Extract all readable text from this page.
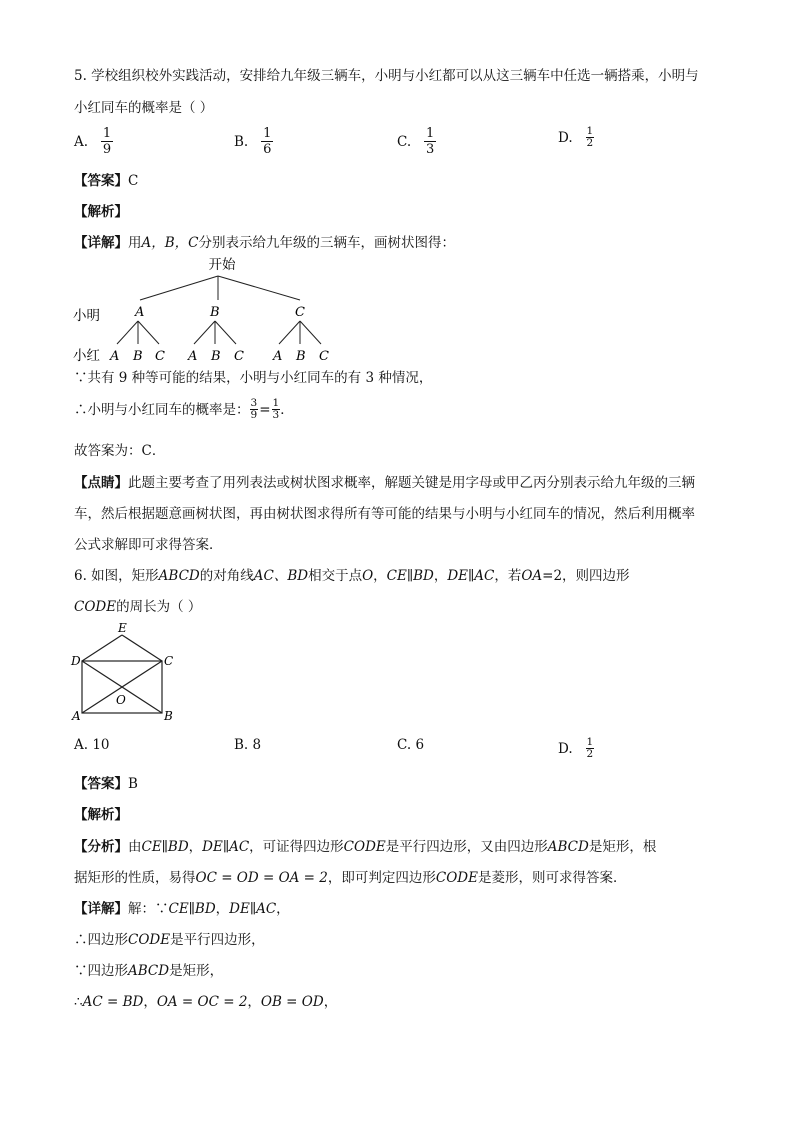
5. 学校组织校外实践活动，安排给九年级三辆车，小明与小红都可以从这三辆车中任选一辆搭乘，小明与
小红同车的概率是（ ）
A.
$\frac{1}{9}$	B.
$\frac{1}{6}$	C.
$\frac{1}{3}$	D.
$\frac{1}{2}$
【答案】C
【解析】
【详解】用A，B，C分别表示给九年级的三辆车，画树状图得：
开始
小明	A	B	C
小红 A B C A B C A B C
∵共有 9 种等可能的结果，小明与小红同车的有 3 种情况，
∴小明与小红同车的概率是： $\frac{3}{9} = \frac{1}{3}$ ．
故答案为：C．
【点睛】此题主要考查了用列表法或树状图求概率，解题关键是用字母或甲乙丙分别表示给九年级的三辆
车，然后根据题意画树状图，再由树状图求得所有等可能的结果与小明与小红同车的情况，然后利用概率
公式求解即可求得答案．
6. 如图，矩形ABCD的对角线AC、BD相交于点O，CE∥BD，DE∥AC，若OA=2，则四边形
CODE的周长为（ ）
E
D	C
O
A	B
A.
10	B.
8	C.
6	D.
$\frac{1}{2}$
【答案】B
【解析】
【分析】由CE∥BD，DE∥AC，可证得四边形CODE是平行四边形，又由四边形ABCD是矩形，根
据矩形的性质，易得OC = OD = OA = 2，即可判定四边形CODE是菱形，则可求得答案．
【详解】解：∵CE∥BD，DE∥AC，
∴四边形CODE是平行四边形，
∵四边形ABCD是矩形，
∴AC = BD，OA = OC = 2，OB = OD，
